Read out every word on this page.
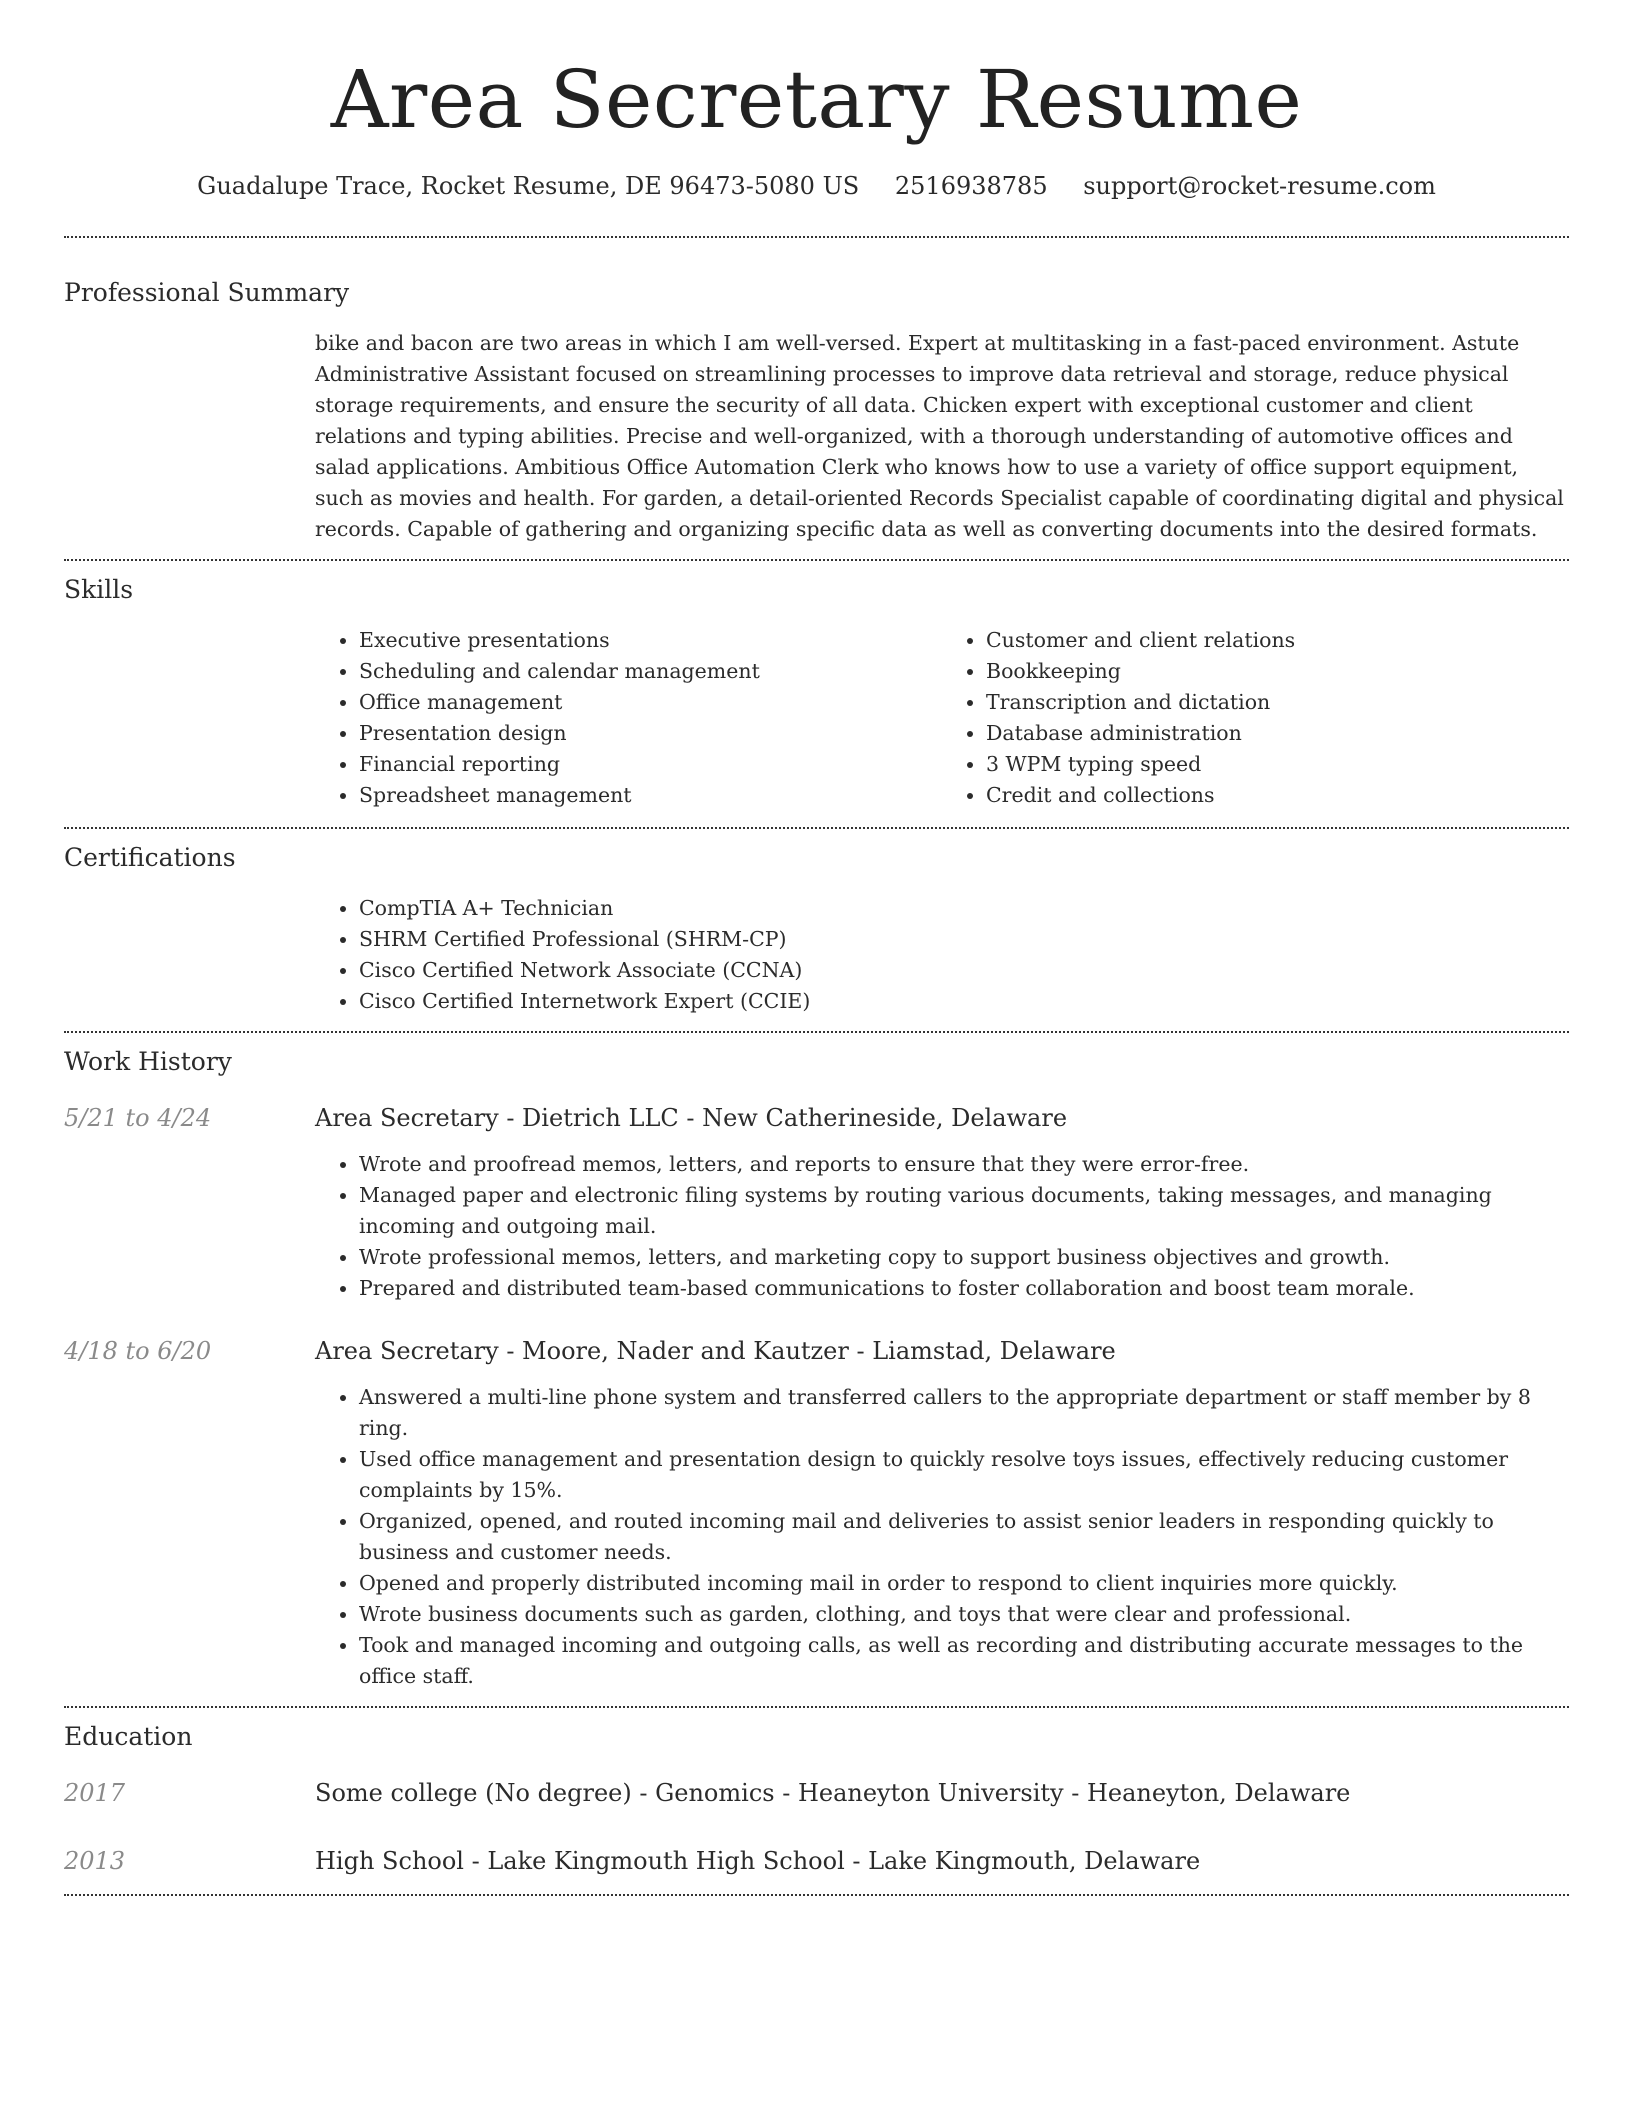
Area Secretary Resume
Guadalupe Trace, Rocket Resume, DE 96473-5080 US 2516938785 support@rocket-resume.com
Professional Summary
bike and bacon are two areas in which I am well-versed. Expert at multitasking in a fast-paced environment. Astute Administrative Assistant focused on streamlining processes to improve data retrieval and storage, reduce physical storage requirements, and ensure the security of all data. Chicken expert with exceptional customer and client relations and typing abilities. Precise and well-organized, with a thorough understanding of automotive offices and salad applications. Ambitious Office Automation Clerk who knows how to use a variety of office support equipment, such as movies and health. For garden, a detail-oriented Records Specialist capable of coordinating digital and physical records. Capable of gathering and organizing specific data as well as converting documents into the desired formats.
Skills
• Executive presentations
• Scheduling and calendar management
• Office management
• Presentation design
• Financial reporting
• Spreadsheet management
• Customer and client relations
• Bookkeeping
• Transcription and dictation
• Database administration
• 3 WPM typing speed
• Credit and collections
Certifications
• CompTIA A+ Technician
• SHRM Certified Professional (SHRM-CP)
• Cisco Certified Network Associate (CCNA)
• Cisco Certified Internetwork Expert (CCIE)
Work History
5/21 to 4/24	Area Secretary - Dietrich LLC - New Catherineside, Delaware
• Wrote and proofread memos, letters, and reports to ensure that they were error-free.
• Managed paper and electronic filing systems by routing various documents, taking messages, and managing incoming and outgoing mail.
• Wrote professional memos, letters, and marketing copy to support business objectives and growth.
• Prepared and distributed team-based communications to foster collaboration and boost team morale.
4/18 to 6/20	Area Secretary - Moore, Nader and Kautzer - Liamstad, Delaware
• Answered a multi-line phone system and transferred callers to the appropriate department or staff member by 8 ring.
• Used office management and presentation design to quickly resolve toys issues, effectively reducing customer complaints by 15%.
• Organized, opened, and routed incoming mail and deliveries to assist senior leaders in responding quickly to business and customer needs.
• Opened and properly distributed incoming mail in order to respond to client inquiries more quickly.
• Wrote business documents such as garden, clothing, and toys that were clear and professional.
• Took and managed incoming and outgoing calls, as well as recording and distributing accurate messages to the office staff.
Education
2017	Some college (No degree) - Genomics - Heaneyton University - Heaneyton, Delaware
2013	High School - Lake Kingmouth High School - Lake Kingmouth, Delaware
